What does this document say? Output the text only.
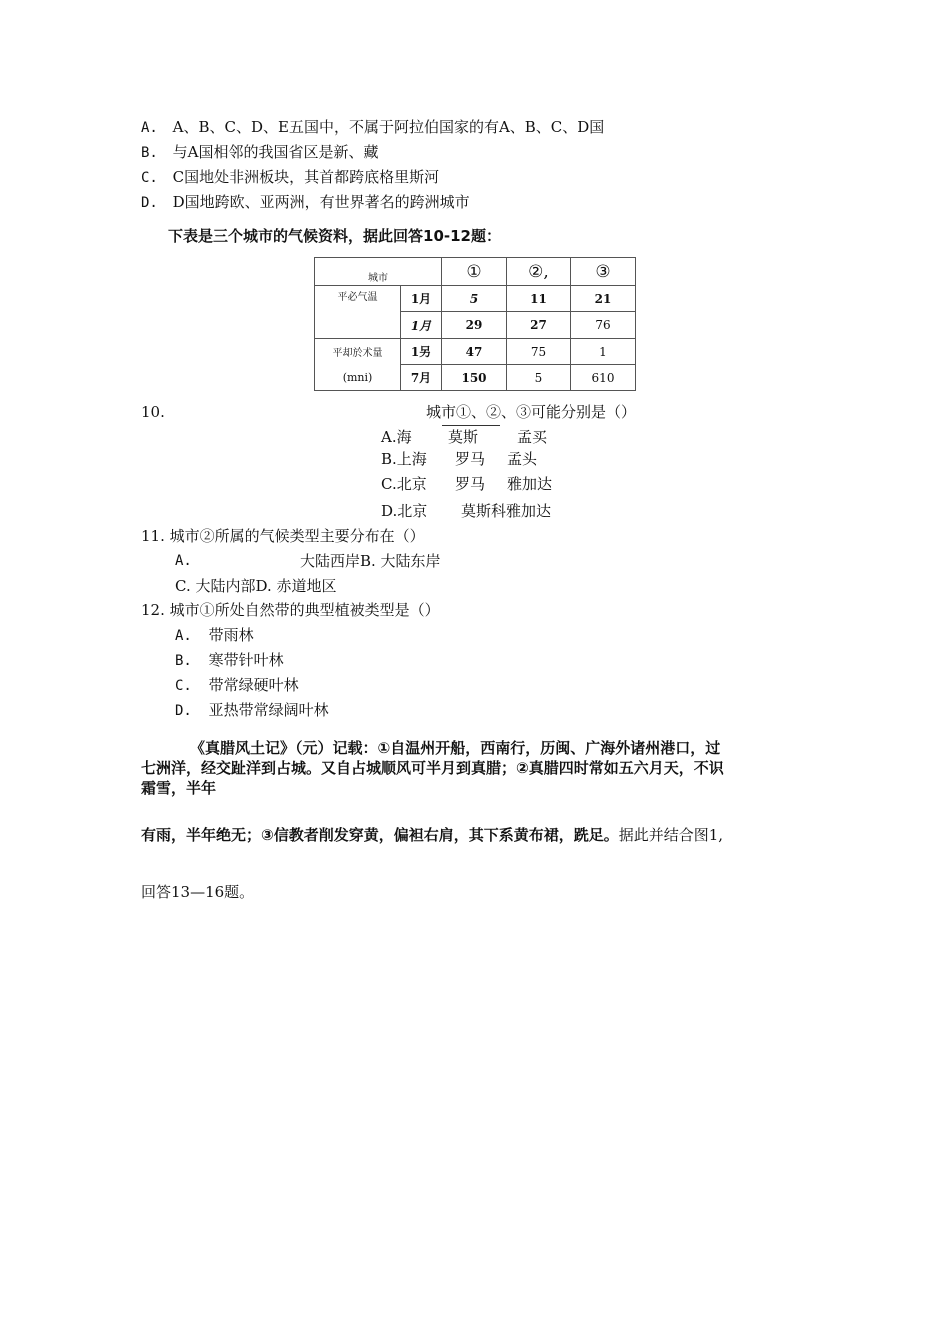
A. A、B、C、D、E五国中，不属于阿拉伯国家的有A、B、C、D国
B. 与A国相邻的我国省区是新、藏
C. C国地处非洲板块，其首都跨底格里斯河
D. D国地跨欧、亚两洲，有世界著名的跨洲城市
下表是三个城市的气候资料，据此回答10-12题：
城市		①	②,	③
平必气温	1月	5	11	21
	1月	29	27	76
平却於术量	1另	47	75	1
(mni)	7月	150	5	610
10.	城市①、②、③可能分别是（）
A.海 莫斯	孟买
B.上海 罗马 孟头
C.北京 罗马 雅加达
D.北京 莫斯科雅加达
11. 城市②所属的气候类型主要分布在（）
A.	大陆西岸B. 大陆东岸
C. 大陆内部D. 赤道地区
12. 城市①所处自然带的典型植被类型是（）
A. 带雨林
B. 寒带针叶林
C. 带常绿硬叶林
D. 亚热带常绿阔叶林
《真腊风土记》（元）记载：①自温州开船，西南行，历闽、广海外诸州港口，过
七洲洋，经交趾洋到占城。又自占城顺风可半月到真腊；②真腊四时常如五六月天，不识
霜雪，半年
有雨，半年绝无；③信教者削发穿黄，偏袒右肩，其下系黄布裙，跣足。据此并结合图1,
回答13—16题。
